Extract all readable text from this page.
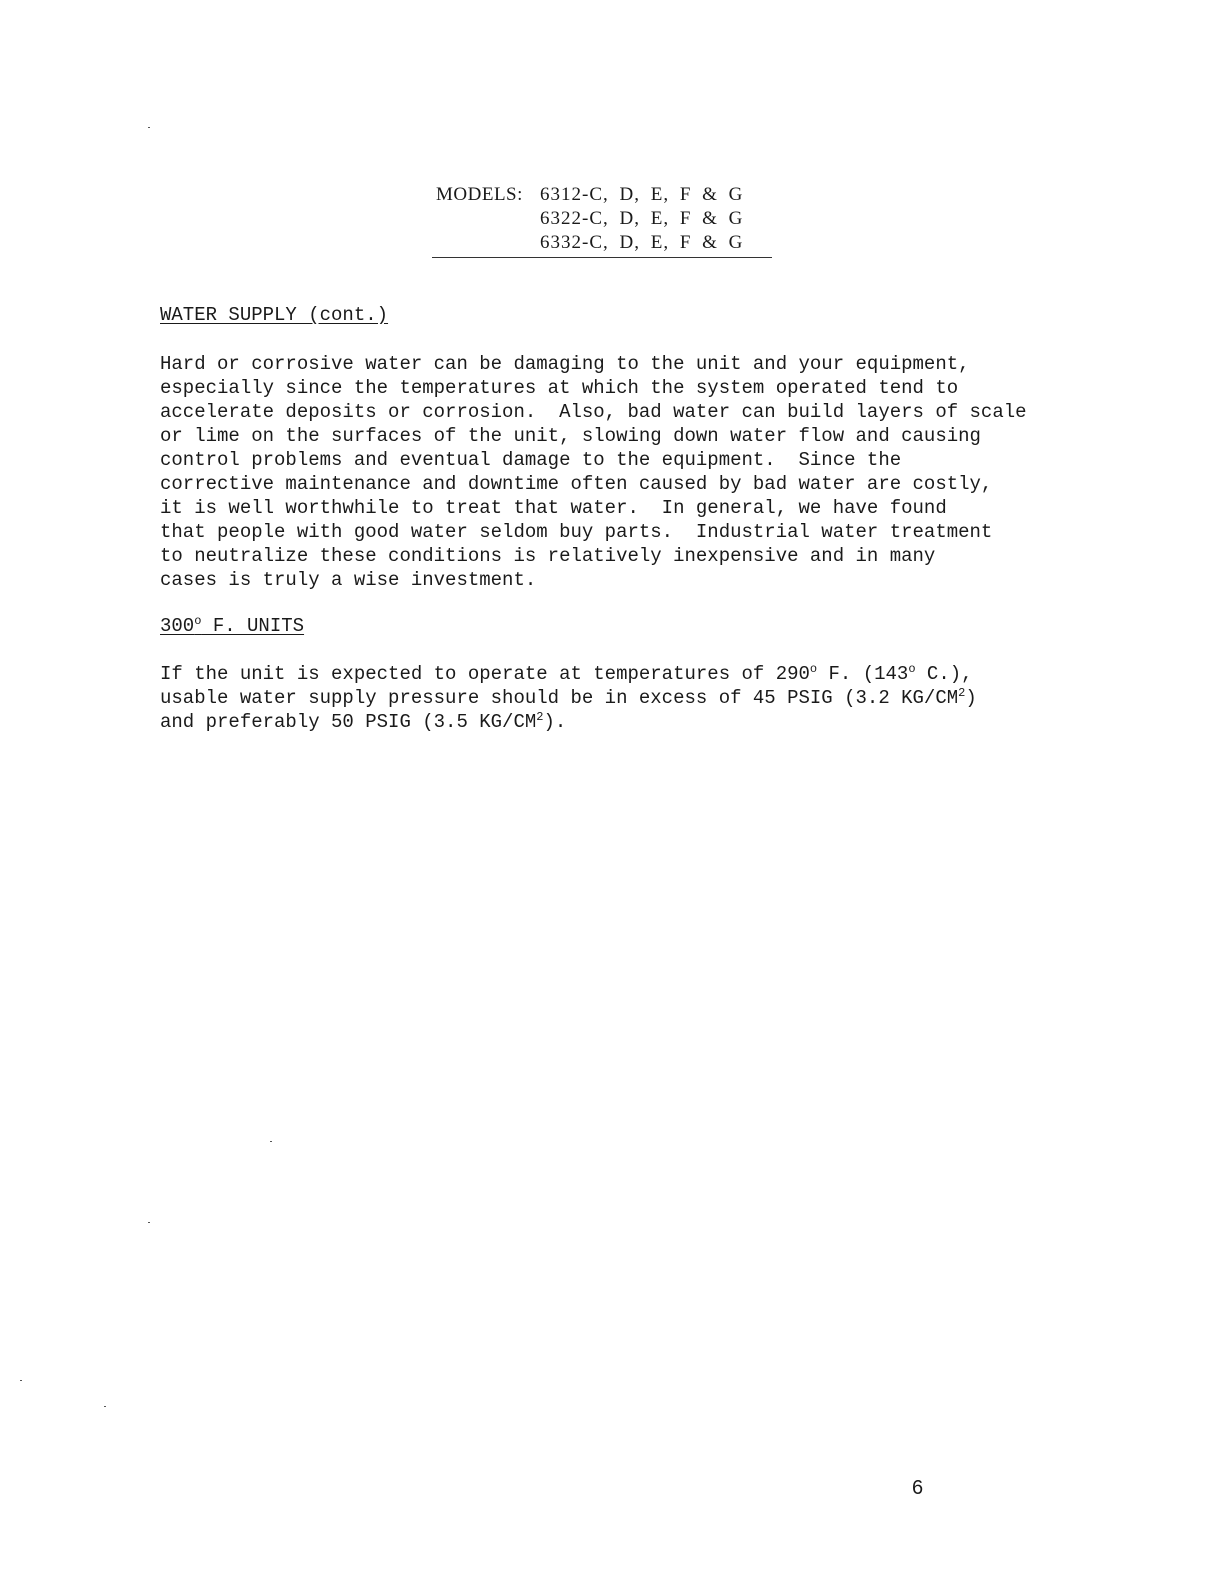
MODELS: 6312-C, D, E, F & G
6322-C, D, E, F & G
6332-C, D, E, F & G
WATER SUPPLY (cont.)
Hard or corrosive water can be damaging to the unit and your equipment,
especially since the temperatures at which the system operated tend to
accelerate deposits or corrosion.  Also, bad water can build layers of scale
or lime on the surfaces of the unit, slowing down water flow and causing
control problems and eventual damage to the equipment.  Since the
corrective maintenance and downtime often caused by bad water are costly,
it is well worthwhile to treat that water.  In general, we have found
that people with good water seldom buy parts.  Industrial water treatment
to neutralize these conditions is relatively inexpensive and in many
cases is truly a wise investment.
300$^o$ F. UNITS
If the unit is expected to operate at temperatures of 290$^o$ F. (143$^o$ C.),
usable water supply pressure should be in excess of 45 PSIG (3.2 $KG/CM^2$)
and preferably 50 PSIG (3.5 $KG/CM^2$).
6
